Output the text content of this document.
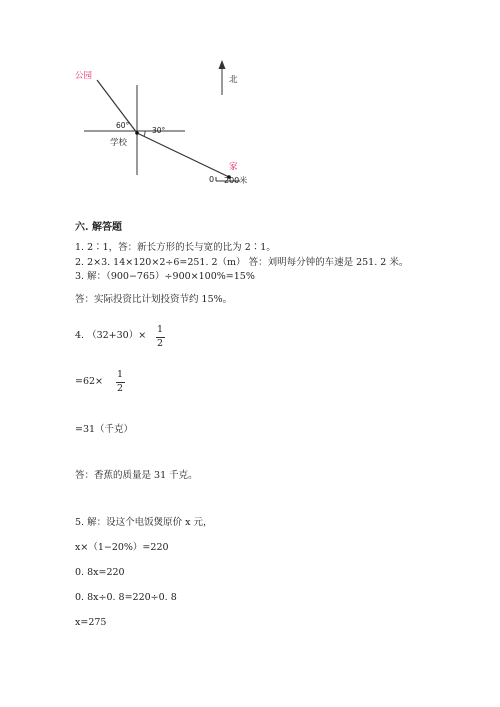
公园	北
60°
30°
学校
家
0 200米
六. 解答题
1. 2∶1，答：新长方形的长与宽的比为 2∶1。
2. 2×3. 14×120×2÷6=251. 2（m） 答：刘明每分钟的车速是 251. 2 米。
3. 解：（900−765）÷900×100%=15%
答：实际投资比计划投资节约 15%。
4. （32+30）×
1
2
=62×
1
2
=31（千克）
答：香蕉的质量是 31 千克。
5. 解：设这个电饭煲原价 x 元，
x×（1−20%）=220
0. 8x=220
0. 8x÷0. 8=220÷0. 8
x=275
